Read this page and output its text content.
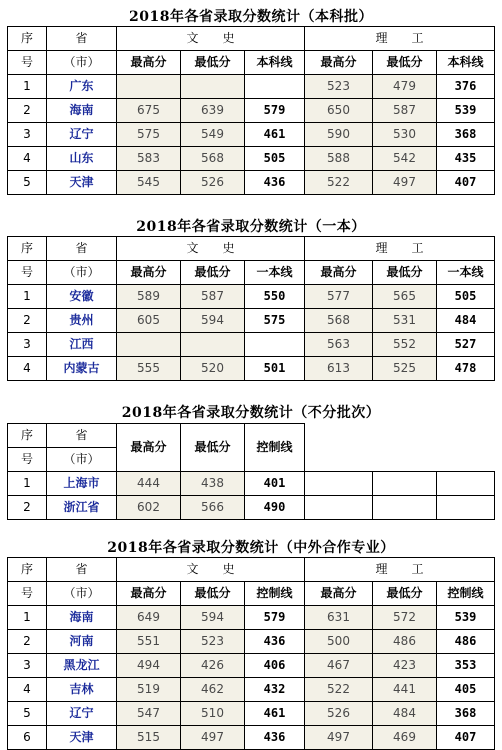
2018年各省录取分数统计（本科批）
序	省	文　　史			理　　工		
号	（市）	最高分	最低分	本科线	最高分	最低分	本科线
1	广东				523	479	376
2	海南	675	639	579	650	587	539
3	辽宁	575	549	461	590	530	368
4	山东	583	568	505	588	542	435
5	天津	545	526	436	522	497	407
2018年各省录取分数统计（一本）
序	省	文　　史			理　　工		
号	（市）	最高分	最低分	一本线	最高分	最低分	一本线
1	安徽	589	587	550	577	565	505
2	贵州	605	594	575	568	531	484
3	江西				563	552	527
4	内蒙古	555	520	501	613	525	478
2018年各省录取分数统计（不分批次）
序	省	最高分	最低分	控制线			
号	（市）						
1	上海市	444	438	401			
2	浙江省	602	566	490			
2018年各省录取分数统计（中外合作专业）
序	省	文　　史			理　　工		
号	（市）	最高分	最低分	控制线	最高分	最低分	控制线
1	海南	649	594	579	631	572	539
2	河南	551	523	436	500	486	486
3	黑龙江	494	426	406	467	423	353
4	吉林	519	462	432	522	441	405
5	辽宁	547	510	461	526	484	368
6	天津	515	497	436	497	469	407
